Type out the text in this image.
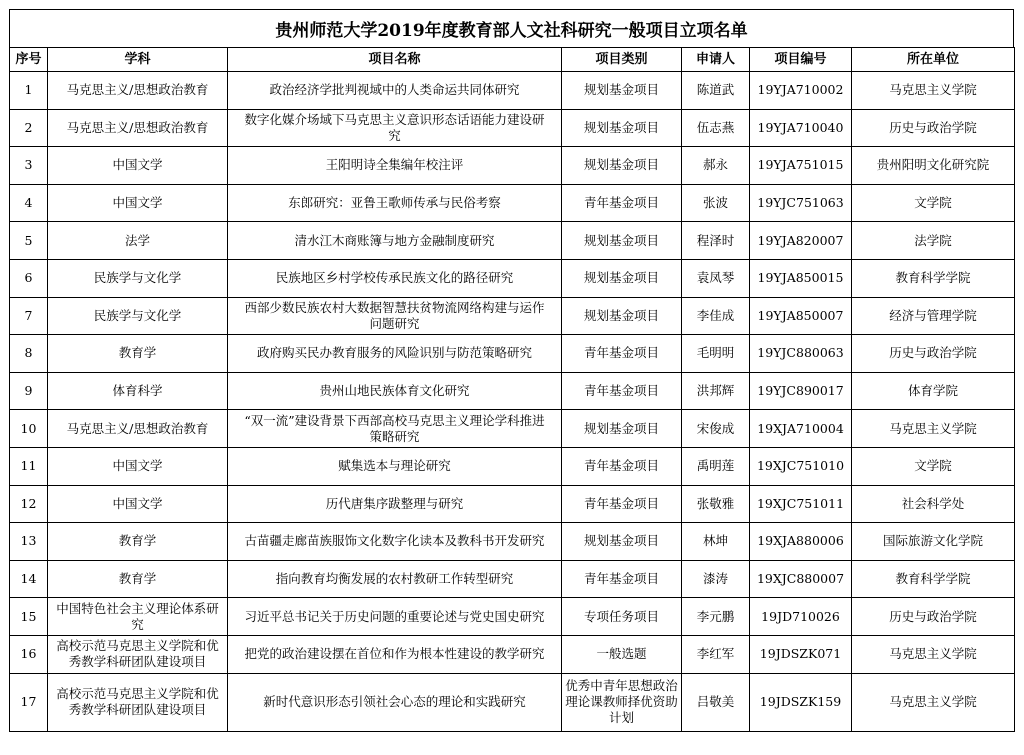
贵州师范大学2019年度教育部人文社科研究一般项目立项名单
序号	学科	项目名称	项目类别	申请人	项目编号	所在单位
1	马克思主义/思想政治教育	政治经济学批判视域中的人类命运共同体研究	规划基金项目	陈道武	19YJA710002	马克思主义学院
2	马克思主义/思想政治教育	数字化媒介场域下马克思主义意识形态话语能力建设研究	规划基金项目	伍志燕	19YJA710040	历史与政治学院
3	中国文学	王阳明诗全集编年校注评	规划基金项目	郝永	19YJA751015	贵州阳明文化研究院
4	中国文学	东郎研究：亚鲁王歌师传承与民俗考察	青年基金项目	张波	19YJC751063	文学院
5	法学	清水江木商账簿与地方金融制度研究	规划基金项目	程泽时	19YJA820007	法学院
6	民族学与文化学	民族地区乡村学校传承民族文化的路径研究	规划基金项目	袁凤琴	19YJA850015	教育科学学院
7	民族学与文化学	西部少数民族农村大数据智慧扶贫物流网络构建与运作问题研究	规划基金项目	李佳成	19YJA850007	经济与管理学院
8	教育学	政府购买民办教育服务的风险识别与防范策略研究	青年基金项目	毛明明	19YJC880063	历史与政治学院
9	体育科学	贵州山地民族体育文化研究	青年基金项目	洪邦辉	19YJC890017	体育学院
10	马克思主义/思想政治教育	“双一流”建设背景下西部高校马克思主义理论学科推进策略研究	规划基金项目	宋俊成	19XJA710004	马克思主义学院
11	中国文学	赋集选本与理论研究	青年基金项目	禹明莲	19XJC751010	文学院
12	中国文学	历代唐集序跋整理与研究	青年基金项目	张敬雅	19XJC751011	社会科学处
13	教育学	古苗疆走廊苗族服饰文化数字化读本及教科书开发研究	规划基金项目	林坤	19XJA880006	国际旅游文化学院
14	教育学	指向教育均衡发展的农村教研工作转型研究	青年基金项目	漆涛	19XJC880007	教育科学学院
15	中国特色社会主义理论体系研究	习近平总书记关于历史问题的重要论述与党史国史研究	专项任务项目	李元鹏	19JD710026	历史与政治学院
16	高校示范马克思主义学院和优秀教学科研团队建设项目	把党的政治建设摆在首位和作为根本性建设的教学研究	一般选题	李红军	19JDSZK071	马克思主义学院
17	高校示范马克思主义学院和优秀教学科研团队建设项目	新时代意识形态引领社会心态的理论和实践研究	优秀中青年思想政治理论课教师择优资助计划	吕敬美	19JDSZK159	马克思主义学院
